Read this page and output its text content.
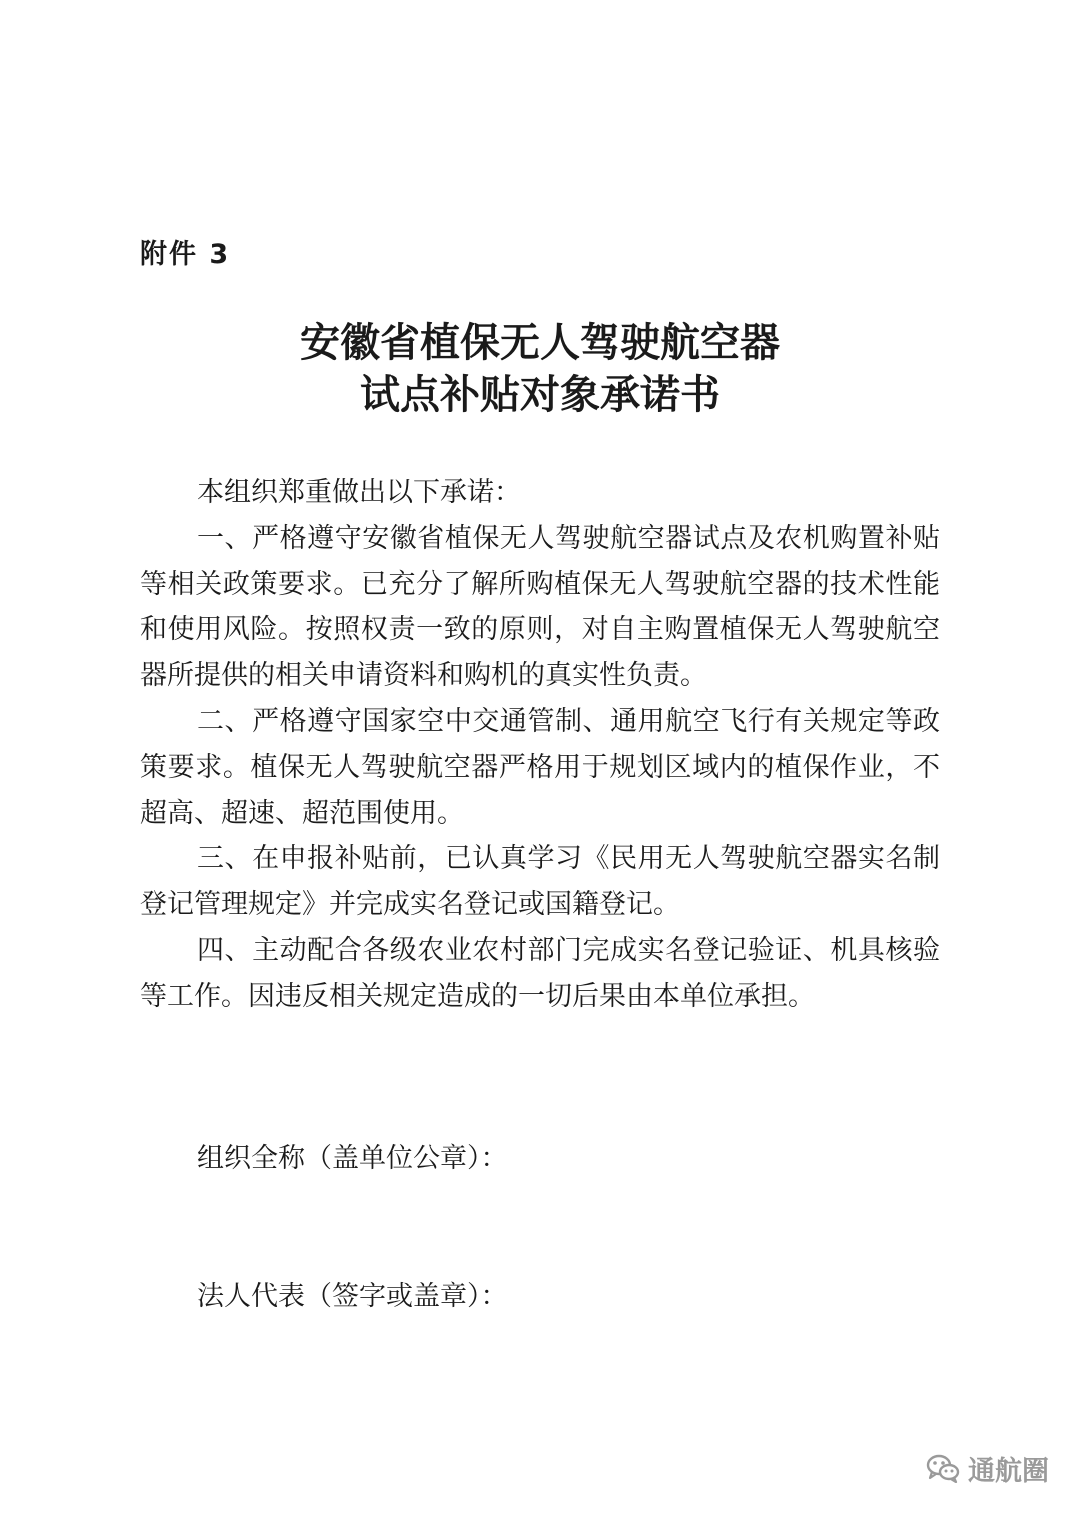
附件 3
安徽省植保无人驾驶航空器
试点补贴对象承诺书

本组织郑重做出以下承诺：

一、严格遵守安徽省植保无人驾驶航空器试点及农机购置补贴等相关政策要求。已充分了解所购植保无人驾驶航空器的技术性能和使用风险。按照权责一致的原则，对自主购置植保无人驾驶航空器所提供的相关申请资料和购机的真实性负责。

二、严格遵守国家空中交通管制、通用航空飞行有关规定等政策要求。植保无人驾驶航空器严格用于规划区域内的植保作业，不超高、超速、超范围使用。

三、在申报补贴前，已认真学习《民用无人驾驶航空器实名制登记管理规定》并完成实名登记或国籍登记。

四、主动配合各级农业农村部门完成实名登记验证、机具核验等工作。因违反相关规定造成的一切后果由本单位承担。

组织全称（盖单位公章）：
法人代表（签字或盖章）：
通航圈
